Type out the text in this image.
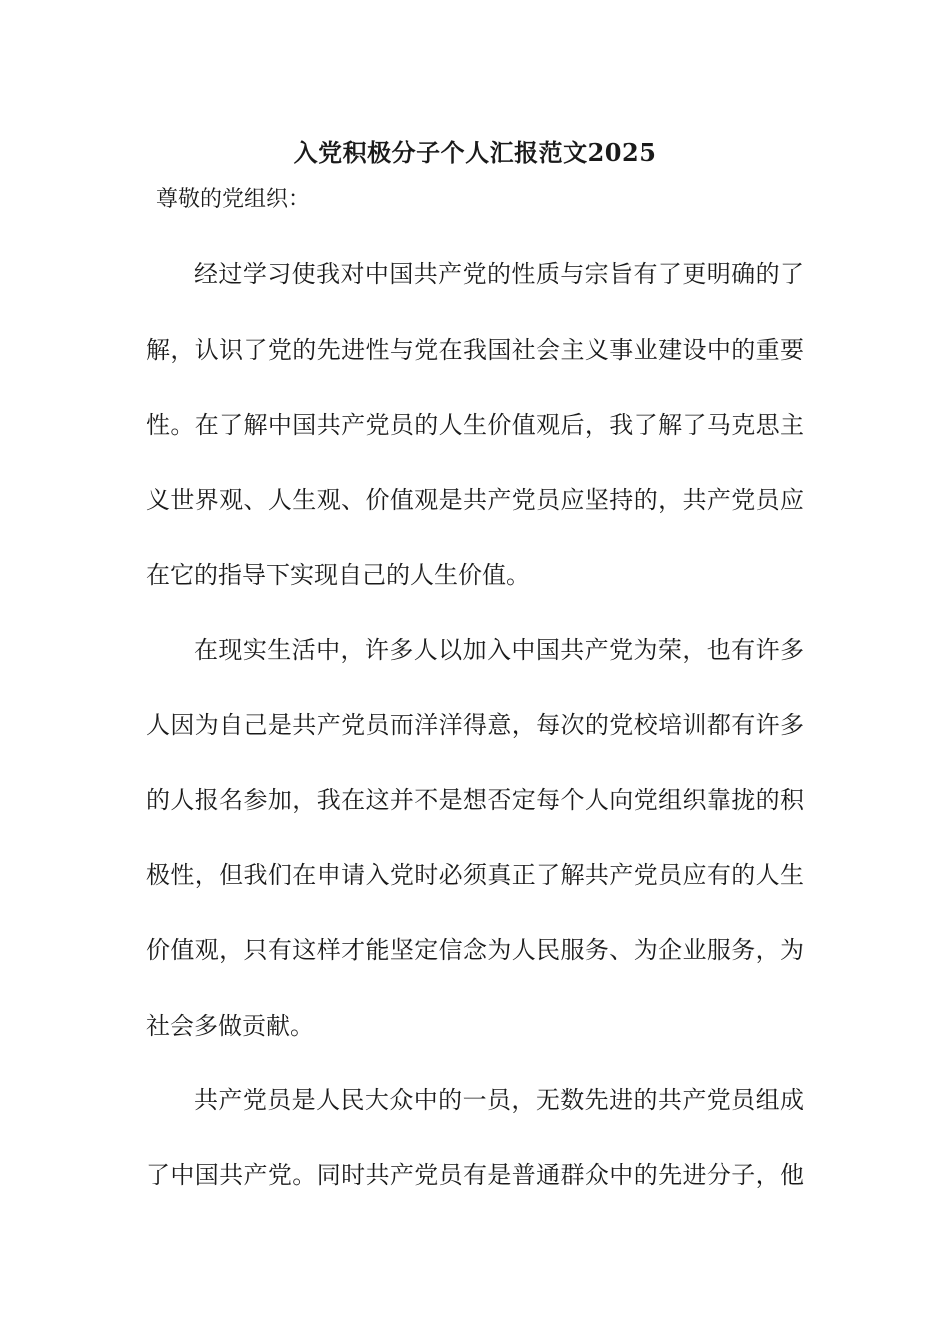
入党积极分子个人汇报范文2025

尊敬的党组织：

经过学习使我对中国共产党的性质与宗旨有了更明确的了

解，认识了党的先进性与党在我国社会主义事业建设中的重要

性。在了解中国共产党员的人生价值观后，我了解了马克思主

义世界观、人生观、价值观是共产党员应坚持的，共产党员应

在它的指导下实现自己的人生价值。

在现实生活中，许多人以加入中国共产党为荣，也有许多

人因为自己是共产党员而洋洋得意，每次的党校培训都有许多

的人报名参加，我在这并不是想否定每个人向党组织靠拢的积

极性，但我们在申请入党时必须真正了解共产党员应有的人生

价值观，只有这样才能坚定信念为人民服务、为企业服务，为

社会多做贡献。

共产党员是人民大众中的一员，无数先进的共产党员组成

了中国共产党。同时共产党员有是普通群众中的先进分子，他
